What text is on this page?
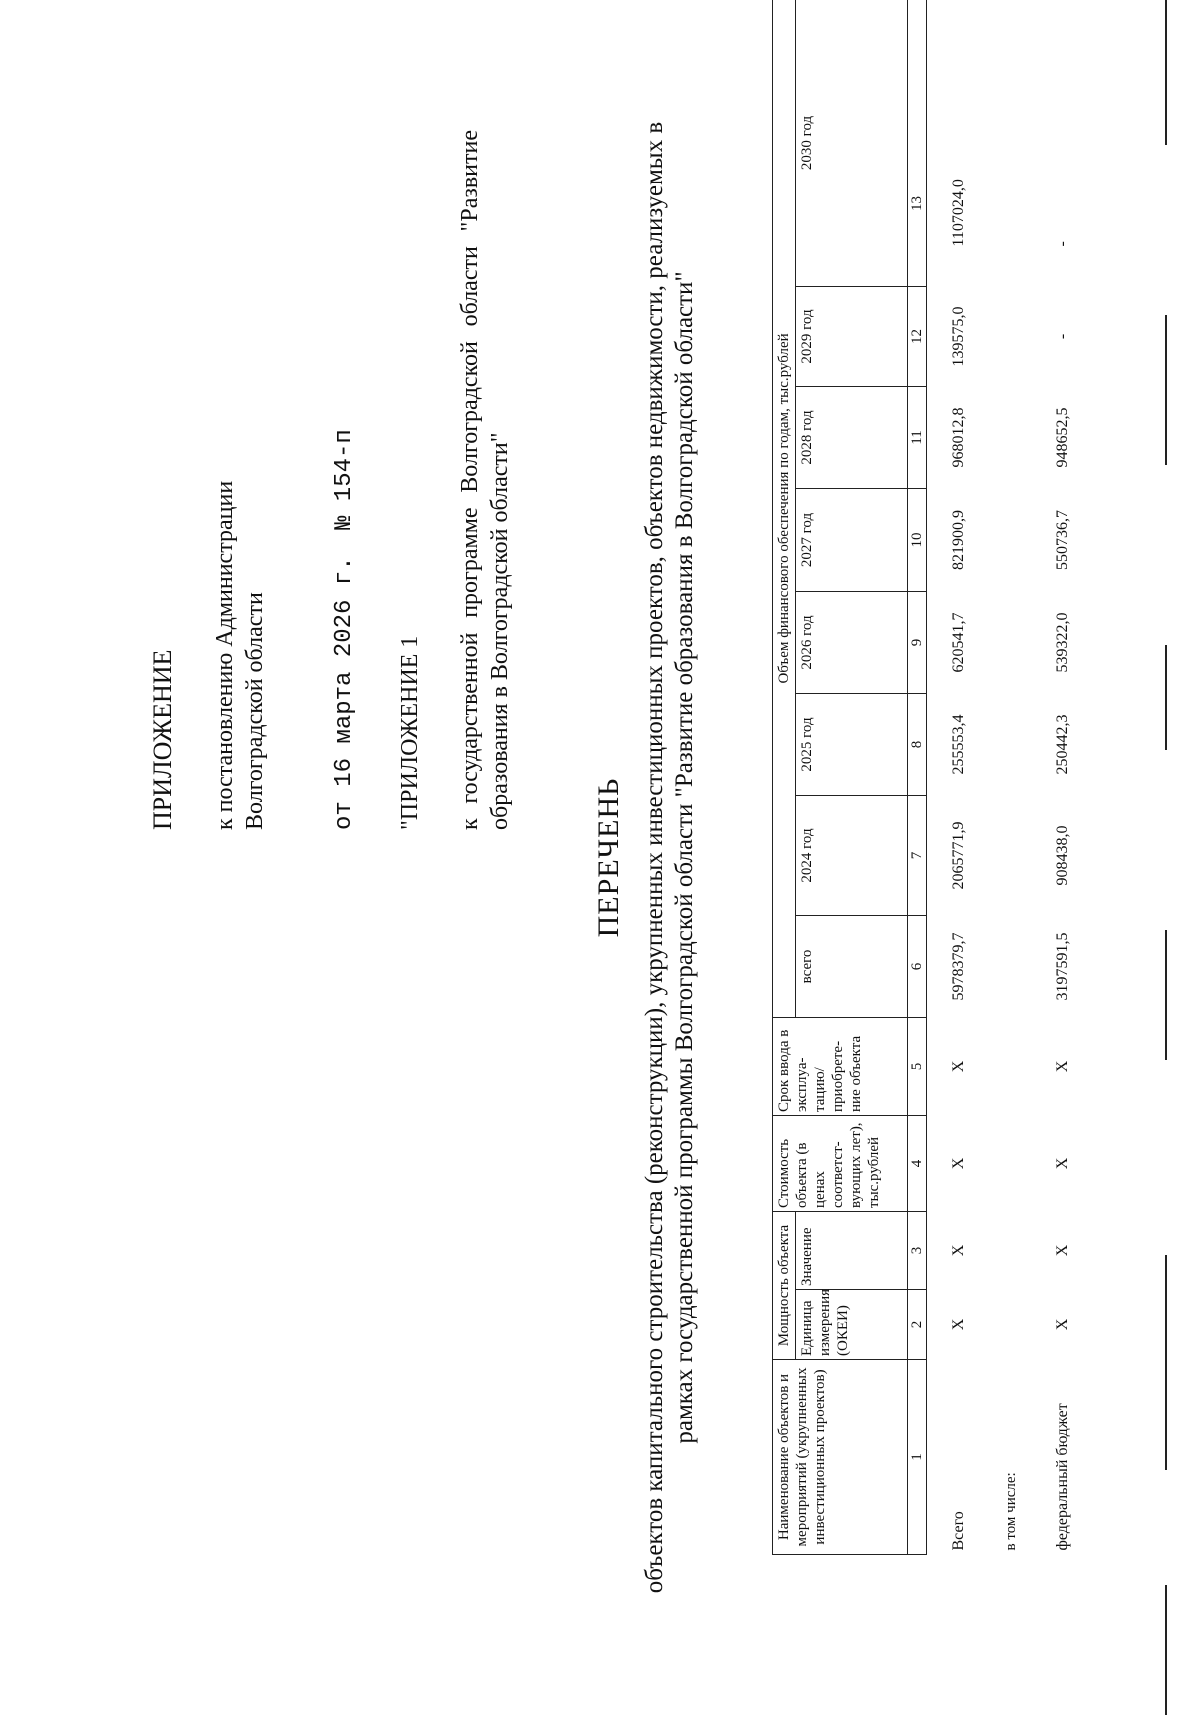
ПРИЛОЖЕНИЕ к постановлению Администрации Волгоградской области	от 16 марта 2026 г.
№ 154-п
"ПРИЛОЖЕНИЕ 1 к государственной программе Волгоградской области "Развитие образования в Волгоградской области"
ПЕРЕЧЕНЬ объектов капитального строительства (реконструкции), укрупненных инвестиционных проектов, объектов недвижимости, реализуемых в рамках государственной программы Волгоградской области "Развитие образования в Волгоградской области"
Наименование объектов и мероприятий (укрупненных инвестиционных проектов)	Мощность объекта		Стоимость объекта (в ценах соответст-вующих лет), тыс.рублей	Срок ввода в эксплуа-тацию/ приобрете-ние объекта	Объем финансового обеспечения по годам, тыс.рублей							
	Единица измерения (ОКЕИ)	Значение			всего	2024 год	2025 год	2026 год	2027 год	2028 год	2029 год	2030 год
1	2	3	4	5	6	7	8	9	10	11	12	13
Всего	X	X	X	X	5978379,7	2065771,9	255553,4	620541,7	821900,9	968012,8	139575,0	1107024,0
в том числе:												
федеральный бюджет	X	X	X	X	3197591,5	908438,0	250442,3	539322,0	550736,7	948652,5	-	-
